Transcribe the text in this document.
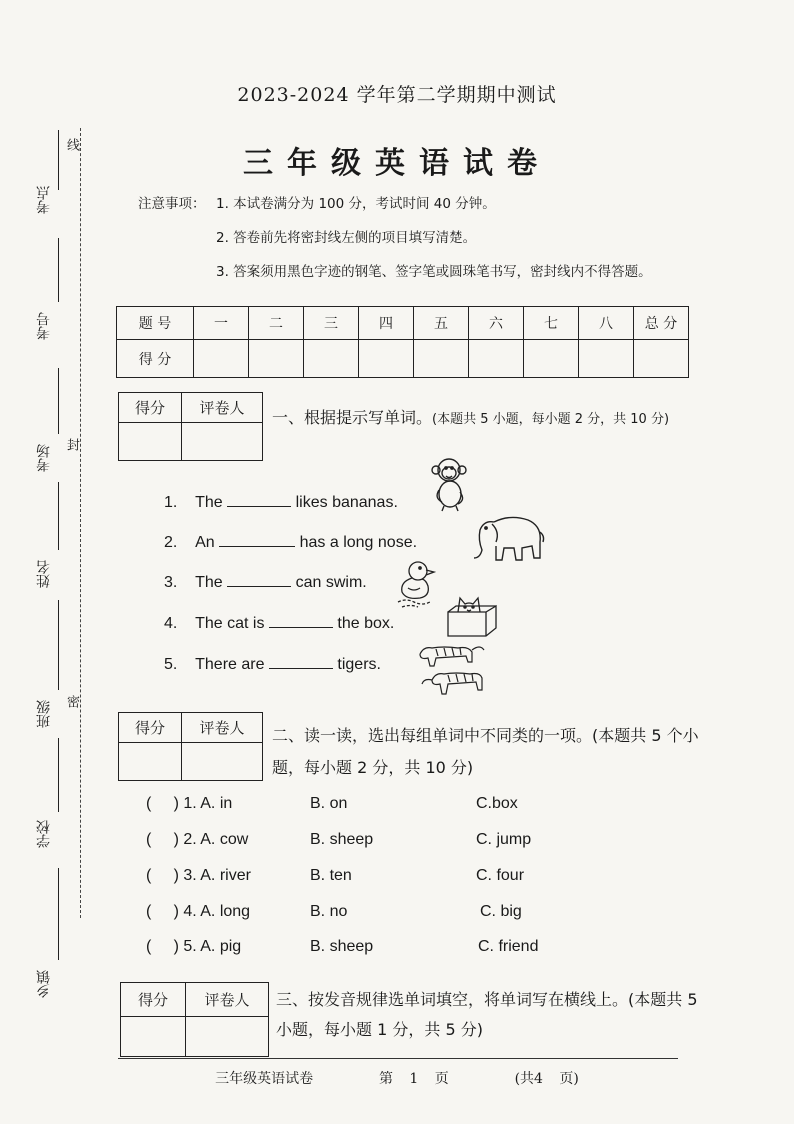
线
封
密
考点
考号
考场
姓名
班级
学校
乡镇
2023-2024 学年第二学期期中测试
三年级英语试卷
注意事项： 1. 本试卷满分为 100 分，考试时间 40 分钟。
2. 答卷前先将密封线左侧的项目填写清楚。
3. 答案须用黑色字迹的钢笔、签字笔或圆珠笔书写，密封线内不得答题。
题 号	一	二	三	四	五	六	七	八	总 分
得 分									
得分	评卷人
	一、根据提示写单词。(本题共 5 小题，每小题 2 分，共 10 分)
1. The	likes bananas.
2. An	has a long nose.
3. The	can swim.
4. The cat is	the box.
5. There are	tigers.
得分	评卷人
	二、读一读，选出每组单词中不同类的一项。(本题共 5 个小
题，每小题 2 分，共 10 分)
( ) 1. A. in	B. on	C.box
( ) 2. A. cow	B. sheep	C. jump
( ) 3. A. river	B. ten	C. four
( ) 4. A. long	B. no	C. big
( ) 5. A. pig	B. sheep	C. friend
得分	评卷人
	三、按发音规律选单词填空，将单词写在横线上。(本题共 5
小题，每小题 1 分，共 5 分)
三年级英语试卷	第 1 页	(共4 页)
